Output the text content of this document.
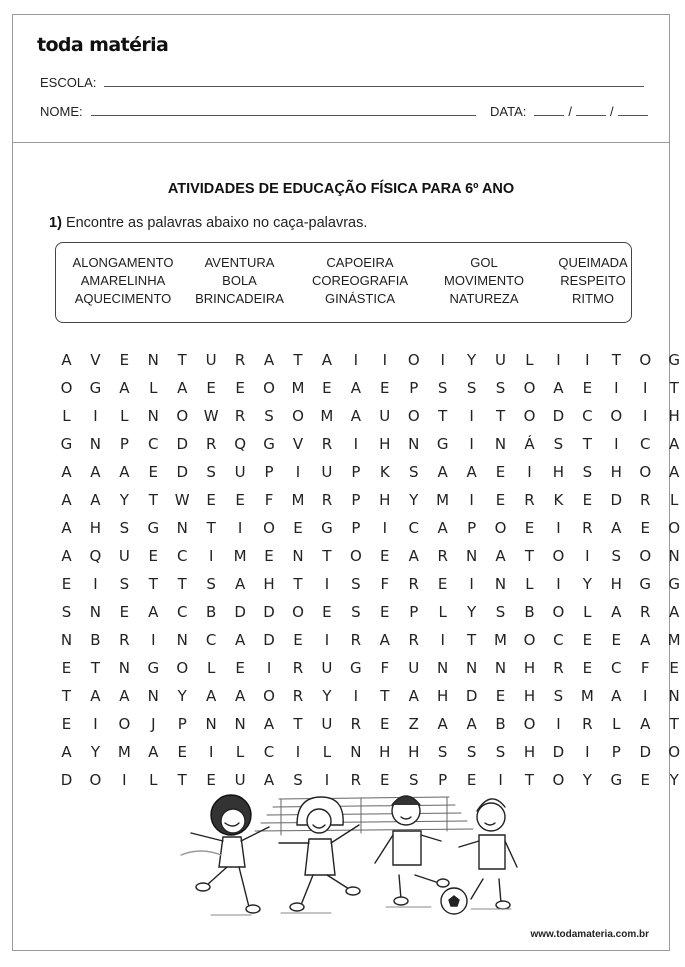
toda matéria
ESCOLA:
NOME:	DATA:	/	/
ATIVIDADES DE EDUCAÇÃO FÍSICA PARA 6º ANO
1) Encontre as palavras abaixo no caça-palavras.
ALONGAMENTO
AMARELINHA
AQUECIMENTO
AVENTURA
BOLA
BRINCADEIRA
CAPOEIRA
COREOGRAFIA
GINÁSTICA
GOL
MOVIMENTO
NATUREZA
QUEIMADA
RESPEITO
RITMO
A	V	E	N	T	U	R	A	T	A	I	I	O	I	Y	U	L	I	I	T	O	G
O	G	A	L	A	E	E	O	M	E	A	E	P	S	S	S	O	A	E	I	I	T
L	I	L	N	O	W	R	S	O	M	A	U	O	T	I	T	O	D	C	O	I	H
G	N	P	C	D	R	Q	G	V	R	I	H	N	G	I	N	Á	S	T	I	C	A
A	A	A	E	D	S	U	P	I	U	P	K	S	A	A	E	I	H	S	H	O	A
A	A	Y	T	W	E	E	F	M	R	P	H	Y	M	I	E	R	K	E	D	R	L
A	H	S	G	N	T	I	O	E	G	P	I	C	A	P	O	E	I	R	A	E	O
A	Q	U	E	C	I	M	E	N	T	O	E	A	R	N	A	T	O	I	S	O	N
E	I	S	T	T	S	A	H	T	I	S	F	R	E	I	N	L	I	Y	H	G	G
S	N	E	A	C	B	D	D	O	E	S	E	P	L	Y	S	B	O	L	A	R	A
N	B	R	I	N	C	A	D	E	I	R	A	R	I	T	M	O	C	E	E	A	M
E	T	N	G	O	L	E	I	R	U	G	F	U	N	N	N	H	R	E	C	F	E
T	A	A	N	Y	A	A	O	R	Y	I	T	A	H	D	E	H	S	M	A	I	N
E	I	O	J	P	N	N	A	T	U	R	E	Z	A	A	B	O	I	R	L	A	T
A	Y	M	A	E	I	L	C	I	L	N	H	H	S	S	S	H	D	I	P	D	O
D	O	I	L	T	E	U	A	S	I	R	E	S	P	E	I	T	O	Y	G	E	Y
www.todamateria.com.br
